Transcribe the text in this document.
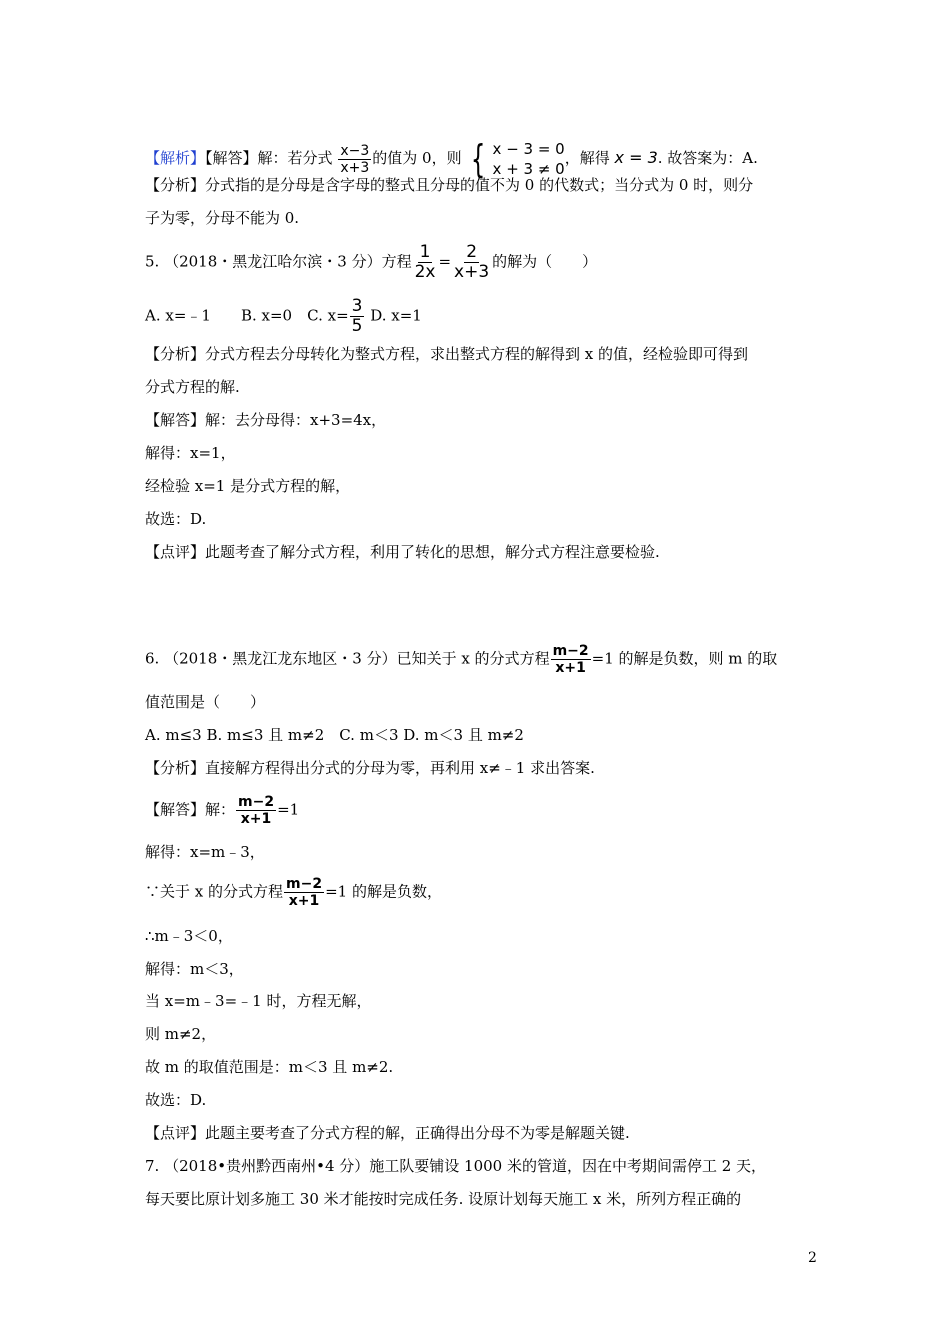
【解析】【解答】解：若分式 $\frac{x-3}{x+3}$ 的值为 0，则 { x − 3 = 0
x + 3 ≠ 0
，解得 x = 3. 故答案为：A.
【分析】分式指的是分母是含字母的整式且分母的值不为 0 的代数式；当分式为 0 时，则分
子为零，分母不能为 0.
5. （2018・黑龙江哈尔滨・3 分）方程 $\frac{1}{2x} = \frac{2}{x+3}$ 的解为（　　）
A. x=﹣1　　 B. x=0　 C. $x= \frac{3}{5} D$. x=1
【分析】分式方程去分母转化为整式方程，求出整式方程的解得到 x 的值，经检验即可得到
分式方程的解.
【解答】解：去分母得：x+3=4x，
解得：x=1，
经检验 x=1 是分式方程的解，
故选：D.
【点评】此题考查了解分式方程，利用了转化的思想，解分式方程注意要检验.
6. （2018・黑龙江龙东地区・3 分）已知关于 x 的分式方程 $\frac{m-2}{x+1} =1$ 的解是负数，则 m 的取
值范围是（　　）
A. m≤3 B. m≤3 且 m≠2　C. m＜3 D. m＜3 且 m≠2
【分析】直接解方程得出分式的分母为零，再利用 x≠﹣1 求出答案.
【解答】解： $\frac{m-2}{x+1} =1$
解得：x=m﹣3，
∵关于 x 的分式方程 $\frac{m-2}{x+1} =1$ 的解是负数，
∴m﹣3＜0，
解得：m＜3，
当 x=m﹣3=﹣1 时，方程无解，
则 m≠2，
故 m 的取值范围是：m＜3 且 m≠2.
故选：D.
【点评】此题主要考查了分式方程的解，正确得出分母不为零是解题关键.
7. （2018•贵州黔西南州•4 分）施工队要铺设 1000 米的管道，因在中考期间需停工 2 天，
每天要比原计划多施工 30 米才能按时完成任务. 设原计划每天施工 x 米，所列方程正确的
2
